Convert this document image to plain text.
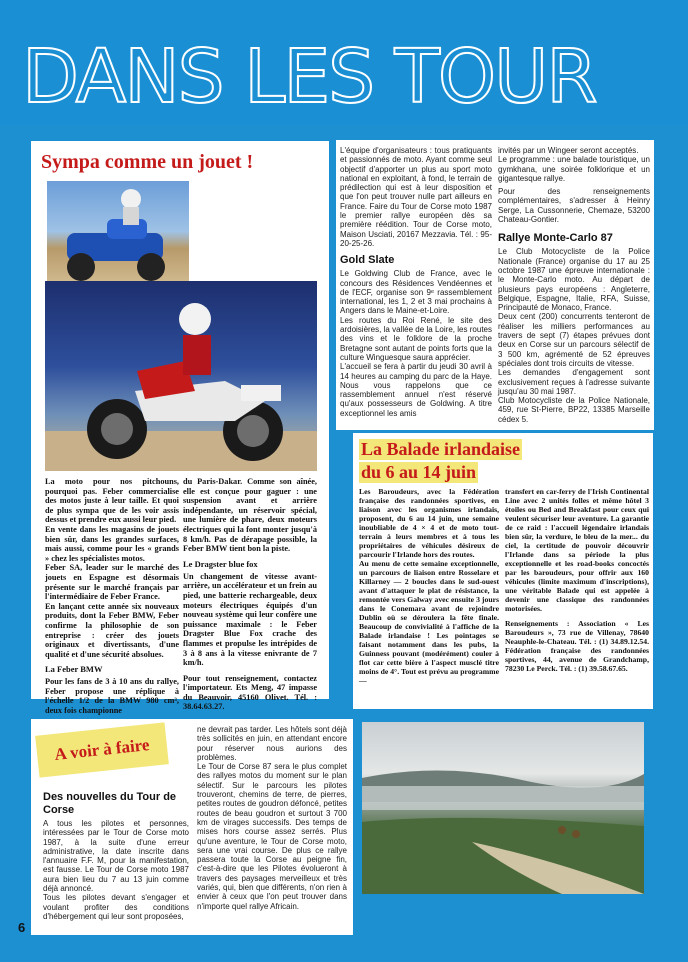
DANS LES TOUR
Sympa comme un jouet !

La moto pour nos pitchouns, pourquoi pas. Feber commercialise des motos juste à leur taille. Et quoi de plus sympa que de les voir assis dessus et prendre eux aussi leur pied.

En vente dans les magasins de jouets bien sûr, dans les grandes surfaces, mais aussi, comme pour les « grands » chez les spécialistes motos.

Feber SA, leader sur le marché des jouets en Espagne est désormais présente sur le marché français par l'intermédiaire de Feber France.

En lançant cette année six nouveaux produits, dont la Feber BMW, Feber confirme la philosophie de son entreprise : créer des jouets originaux et divertissants, d'une qualité et d'une sécurité absolues.

La Feber BMW

Pour les fans de 3 à 10 ans du rallye, Feber propose une réplique à l'échelle 1/2 de la BMW 980 cm³, deux fois championne

du Paris-Dakar. Comme son aînée, elle est conçue pour gaguer : une suspension avant et arrière indépendante, un réservoir spécial, une lumière de phare, deux moteurs électriques qui la font monter jusqu'à 8 km/h. Pas de dérapage possible, la Feber BMW tient bon la piste.

Le Dragster blue fox

Un changement de vitesse avant-arrière, un accélérateur et un frein au pied, une batterie rechargeable, deux moteurs électriques équipés d'un nouveau système qui leur confère une puissance maximale : le Feber Dragster Blue Fox crache des flammes et propulse les intrépides de 3 à 8 ans à la vitesse enivrante de 7 km/h.

Pour tout renseignement, contactez l'importateur. Ets Meng, 47 impasse du Beauvoir, 45160 Olivet. Tél. : 38.64.63.27.

L'équipe d'organisateurs : tous pratiquants et passionnés de moto. Ayant comme seul objectif d'apporter un plus au sport moto national en exploitant, à fond, le terrain de prédilection qui est à leur disposition et que l'on peut trouver nulle part ailleurs en France. Faire du Tour de Corse moto 1987 le premier rallye européen dès sa première réédition. Tour de Corse moto, Maison Usciati, 20167 Mezzavia. Tél. : 95-20-25-26.

Gold Slate

Le Goldwing Club de France, avec le concours des Résidences Vendéennes et de l'ECF, organise son 9ᵉ rassemblement international, les 1, 2 et 3 mai prochains à Angers dans le Maine-et-Loire.

Les routes du Roi René, le site des ardoisières, la vallée de la Loire, les routes des vins et le folklore de la proche Bretagne sont autant de points forts que la culture Winguesque saura apprécier.

L'accueil se fera à partir du jeudi 30 avril à 14 heures au camping du parc de la Haye. Nous vous rappelons que ce rassemblement annuel n'est réservé qu'aux possesseurs de Goldwing. A titre exceptionnel les amis

invités par un Wingeer seront acceptés.

Le programme : une balade touristique, un gymkhana, une soirée folklorique et un gigantesque rallye.

Pour des renseignements complémentaires, s'adresser à Heinry Serge, La Cussonnerie, Chemaze, 53200 Chateau-Gontier.

Rallye Monte-Carlo 87

Le Club Motocycliste de la Police Nationale (France) organise du 17 au 25 octobre 1987 une épreuve internationale : le Monte-Carlo moto. Au départ de plusieurs pays européens : Angleterre, Belgique, Espagne, Italie, RFA, Suisse, Principauté de Monaco, France.

Deux cent (200) concurrents tenteront de réaliser les milliers performances au travers de sept (7) étapes prévues dont deux en Corse sur un parcours sélectif de 3 500 km, agrémenté de 52 épreuves spéciales dont trois circuits de vitesse.

Les demandes d'engagement sont exclusivement reçues à l'adresse suivante jusqu'au 30 mai 1987.

Club Motocycliste de la Police Nationale, 459, rue St-Pierre, BP22, 13385 Marseille cédex 5.

La Balade irlandaise
du 6 au 14 juin

Les Baroudeurs, avec la Fédération française des randonnées sportives, en liaison avec les organismes irlandais, proposent, du 6 au 14 juin, une semaine inoubliable de 4 × 4 et de moto tout-terrain à leurs membres et à tous les propriétaires de véhicules désireux de parcourir l'Irlande hors des routes.

Au menu de cette semaine exceptionnelle, un parcours de liaison entre Rosselare et Killarney — 2 boucles dans le sud-ouest avant d'attaquer le plat de résistance, la remontée vers Galway avec ensuite 3 jours dans le Conemara avant de rejoindre Dublin où se déroulera la fête finale. Beaucoup de convivialité à l'affiche de la Balade irlandaise ! Les pointages se faisant notamment dans les pubs, la Guinness pouvant (modérément) couler à flot car cette bière à l'aspect musclé titre moins de 4°. Tout est prévu au programme —

transfert en car-ferry de l'Irish Continental Line avec 2 unités folles et même hôtel 3 étoiles ou Bed and Breakfast pour ceux qui veulent sécuriser leur aventure. La garantie de ce raid : l'accueil légendaire irlandais bien sûr, la verdure, le bleu de la mer... du ciel, la certitude de pouvoir découvrir l'Irlande dans sa période la plus exceptionnelle et les road-books concoctés par les baroudeurs, pour offrir aux 160 véhicules (limite maximum d'inscriptions), une véritable Balade qui est appelée à devenir une classique des randonnées motorisées.

Renseignements : Association « Les Baroudeurs », 73 rue de Villenay, 78640 Neauphle-le-Chateau. Tél. : (1) 34.89.12.54. Fédération française des randonnées sportives, 44, avenue de Grandchamp, 78230 Le Perck. Tél. : (1) 39.58.67.65.

A voir à faire
Des nouvelles du Tour de Corse

A tous les pilotes et personnes, intéressées par le Tour de Corse moto 1987, à la suite d'une erreur administrative, la date inscrite dans l'annuaire F.F. M, pour la manifestation, est fausse. Le Tour de Corse moto 1987 aura bien lieu du 7 au 13 juin comme déjà annoncé.

Tous les pilotes devant s'engager et voulant profiter des conditions d'hébergement qui leur sont proposées,

ne devrait pas tarder. Les hôtels sont déjà très sollicités en juin, en attendant encore pour réserver nous aurions des problèmes.

Le Tour de Corse 87 sera le plus complet des rallyes motos du moment sur le plan sélectif. Sur le parcours les pilotes trouveront, chemins de terre, de pierres, petites routes de goudron défoncé, petites routes de beau goudron et surtout 3 700 km de virages successifs. Des temps de mises hors course assez serrés. Plus qu'une aventure, le Tour de Corse moto, sera une vrai course. De plus ce rallye passera toute la Corse au peigne fin, c'est-à-dire que les Pilotes évolueront à travers des paysages merveilleux et très variés, qui, bien que différents, n'on rien à envier à ceux que l'on peut trouver dans n'importe quel rallye Africain.

6
